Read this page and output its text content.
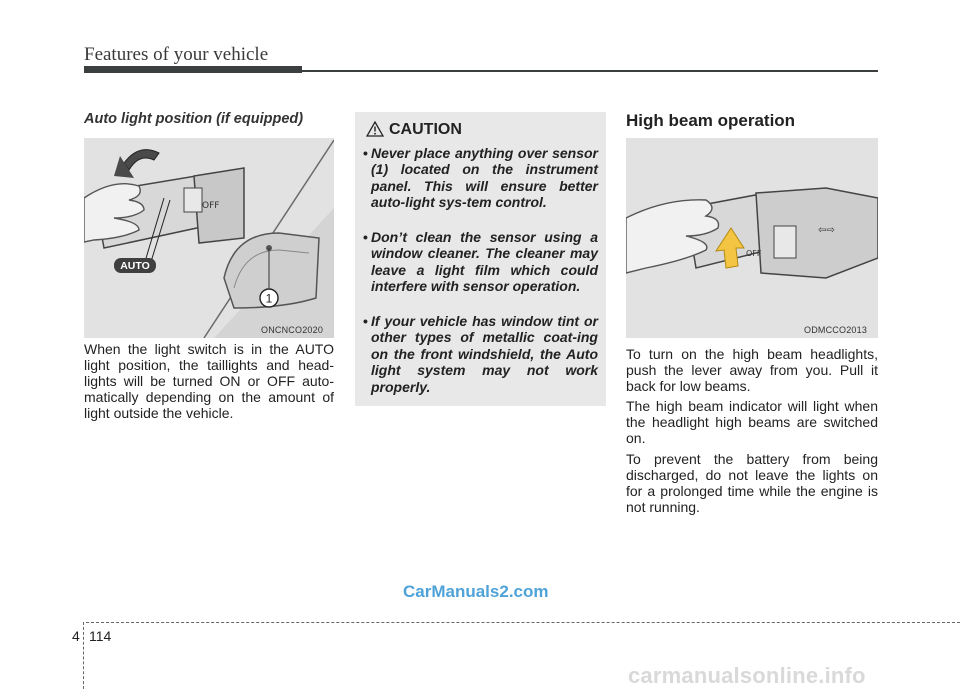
Features of your vehicle
Auto light position (if equipped)
OFF
AUTO
1
ONCNCO2020
When the light switch is in the AUTO light position, the taillights and head-lights will be turned ON or OFF auto-matically depending on the amount of light outside the vehicle.
CAUTION
• Never place anything over sensor (1) located on the instrument panel. This will ensure better auto-light sys-tem control.
• Don’t clean the sensor using a window cleaner. The cleaner may leave a light film which could interfere with sensor operation.
• If your vehicle has window tint or other types of metallic coat-ing on the front windshield, the Auto light system may not work properly.
High beam operation
OFF
⇦⇨
ODMCCO2013
To turn on the high beam headlights, push the lever away from you. Pull it back for low beams.
The high beam indicator will light when the headlight high beams are switched on.
To prevent the battery from being discharged, do not leave the lights on for a prolonged time while the engine is not running.
CarManuals2.com
4 114
carmanualsonline.info
